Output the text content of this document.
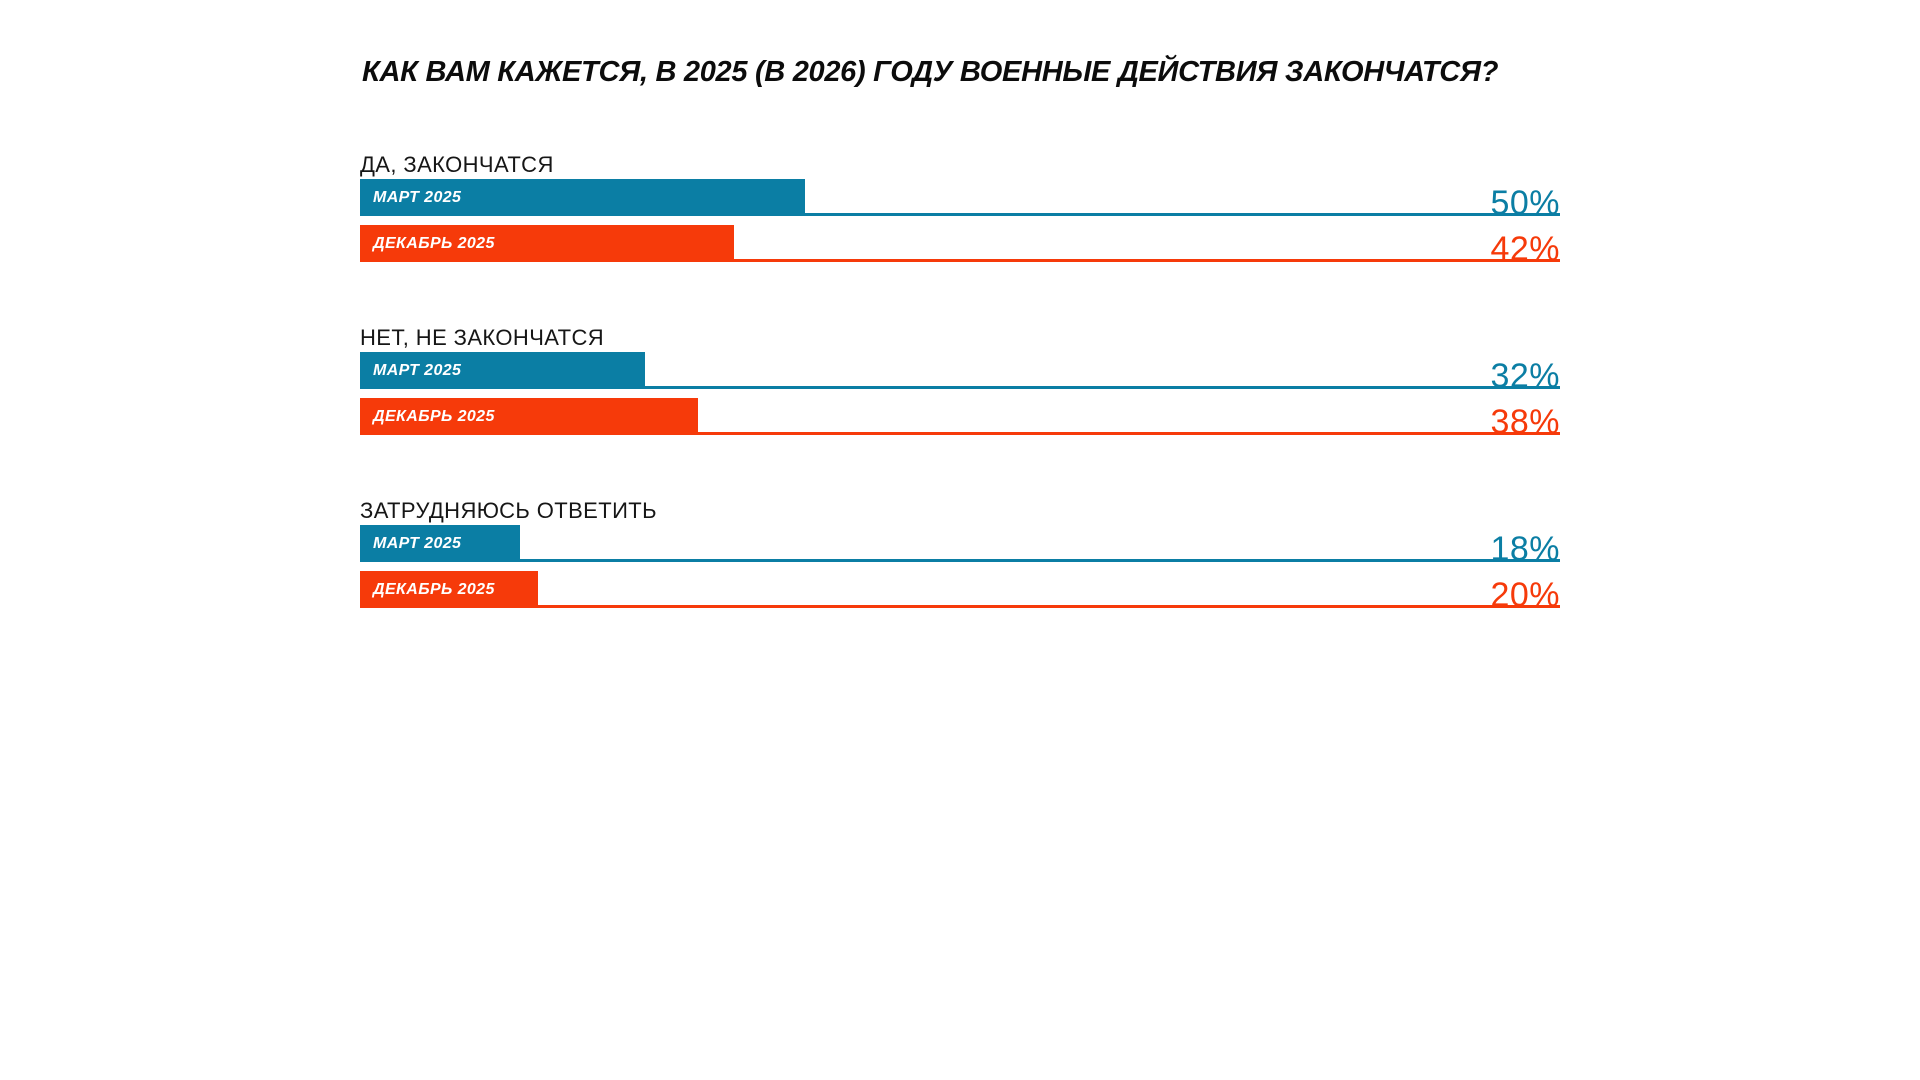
КАК ВАМ КАЖЕТСЯ, В 2025 (В 2026) ГОДУ ВОЕННЫЕ ДЕЙСТВИЯ ЗАКОНЧАТСЯ?
ДА, ЗАКОНЧАТСЯ
МАРТ 2025	50%
ДЕКАБРЬ 2025	42%
НЕТ, НЕ ЗАКОНЧАТСЯ
МАРТ 2025	32%
ДЕКАБРЬ 2025	38%
ЗАТРУДНЯЮСЬ ОТВЕТИТЬ
МАРТ 2025	18%
ДЕКАБРЬ 2025	20%
